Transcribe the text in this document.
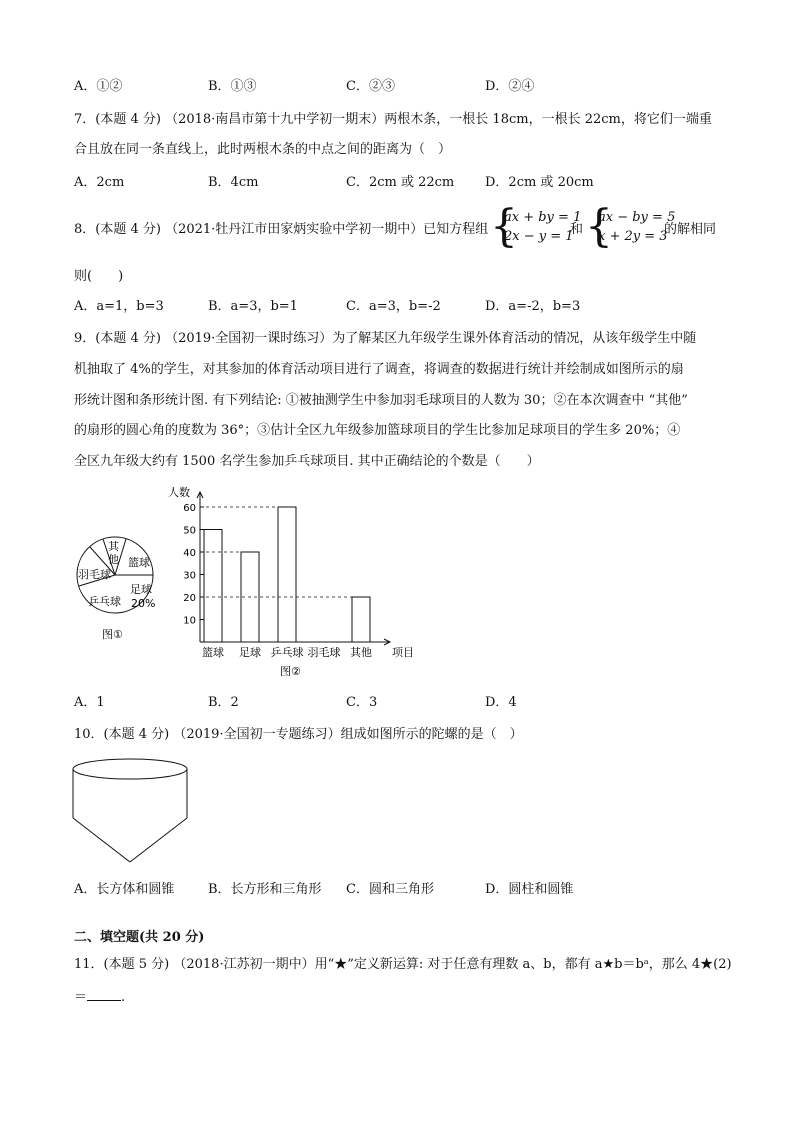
A．①②	B．①③	C．②③	D．②④
7．(本题 4 分) （2018·南昌市第十九中学初一期末）两根木条，一根长 18cm，一根长 22cm，将它们一端重
合且放在同一条直线上，此时两根木条的中点之间的距离为（　）
A．2cm	B．4cm	C．2cm 或 22cm D．2cm 或 20cm
8．(本题 4 分) （2021·牡丹江市田家炳实验中学初一期中）已知方程组 {
ax + by = 1
2x − y = 1
和 {
ax − by = 5
x + 2y = 3
的解相同
则(　　)
A．a=1，b=3	B．a=3，b=1	C．a=3，b=-2	D．a=-2，b=3
9．(本题 4 分) （2019·全国初一课时练习）为了解某区九年级学生课外体育活动的情况，从该年级学生中随
机抽取了 4%的学生，对其参加的体育活动项目进行了调查，将调查的数据进行统计并绘制成如图所示的扇
形统计图和条形统计图. 有下列结论: ①被抽测学生中参加羽毛球项目的人数为 30；②在本次调查中 “其他”
的扇形的圆心角的度数为 36°；③估计全区九年级参加篮球项目的学生比参加足球项目的学生多 20%；④
全区九年级大约有 1500 名学生参加乒乓球项目. 其中正确结论的个数是（　　）
篮球
足球
20%
乒乓球
羽毛球
其
他
图①
10
20
30
40
50
60
人数
项目
篮球 足球 乒乓球 羽毛球 其他
图②
A．1	B．2	C．3	D．4
10．(本题 4 分) （2019·全国初一专题练习）组成如图所示的陀螺的是（　）
A．长方体和圆锥	B．长方形和三角形 C．圆和三角形	D．圆柱和圆锥
二、填空题(共 20 分)
11．(本题 5 分) （2018·江苏初一期中）用“★”定义新运算: 对于任意有理数 a、b，都有 a★b＝bᵃ，那么 4★(2)
＝	.
